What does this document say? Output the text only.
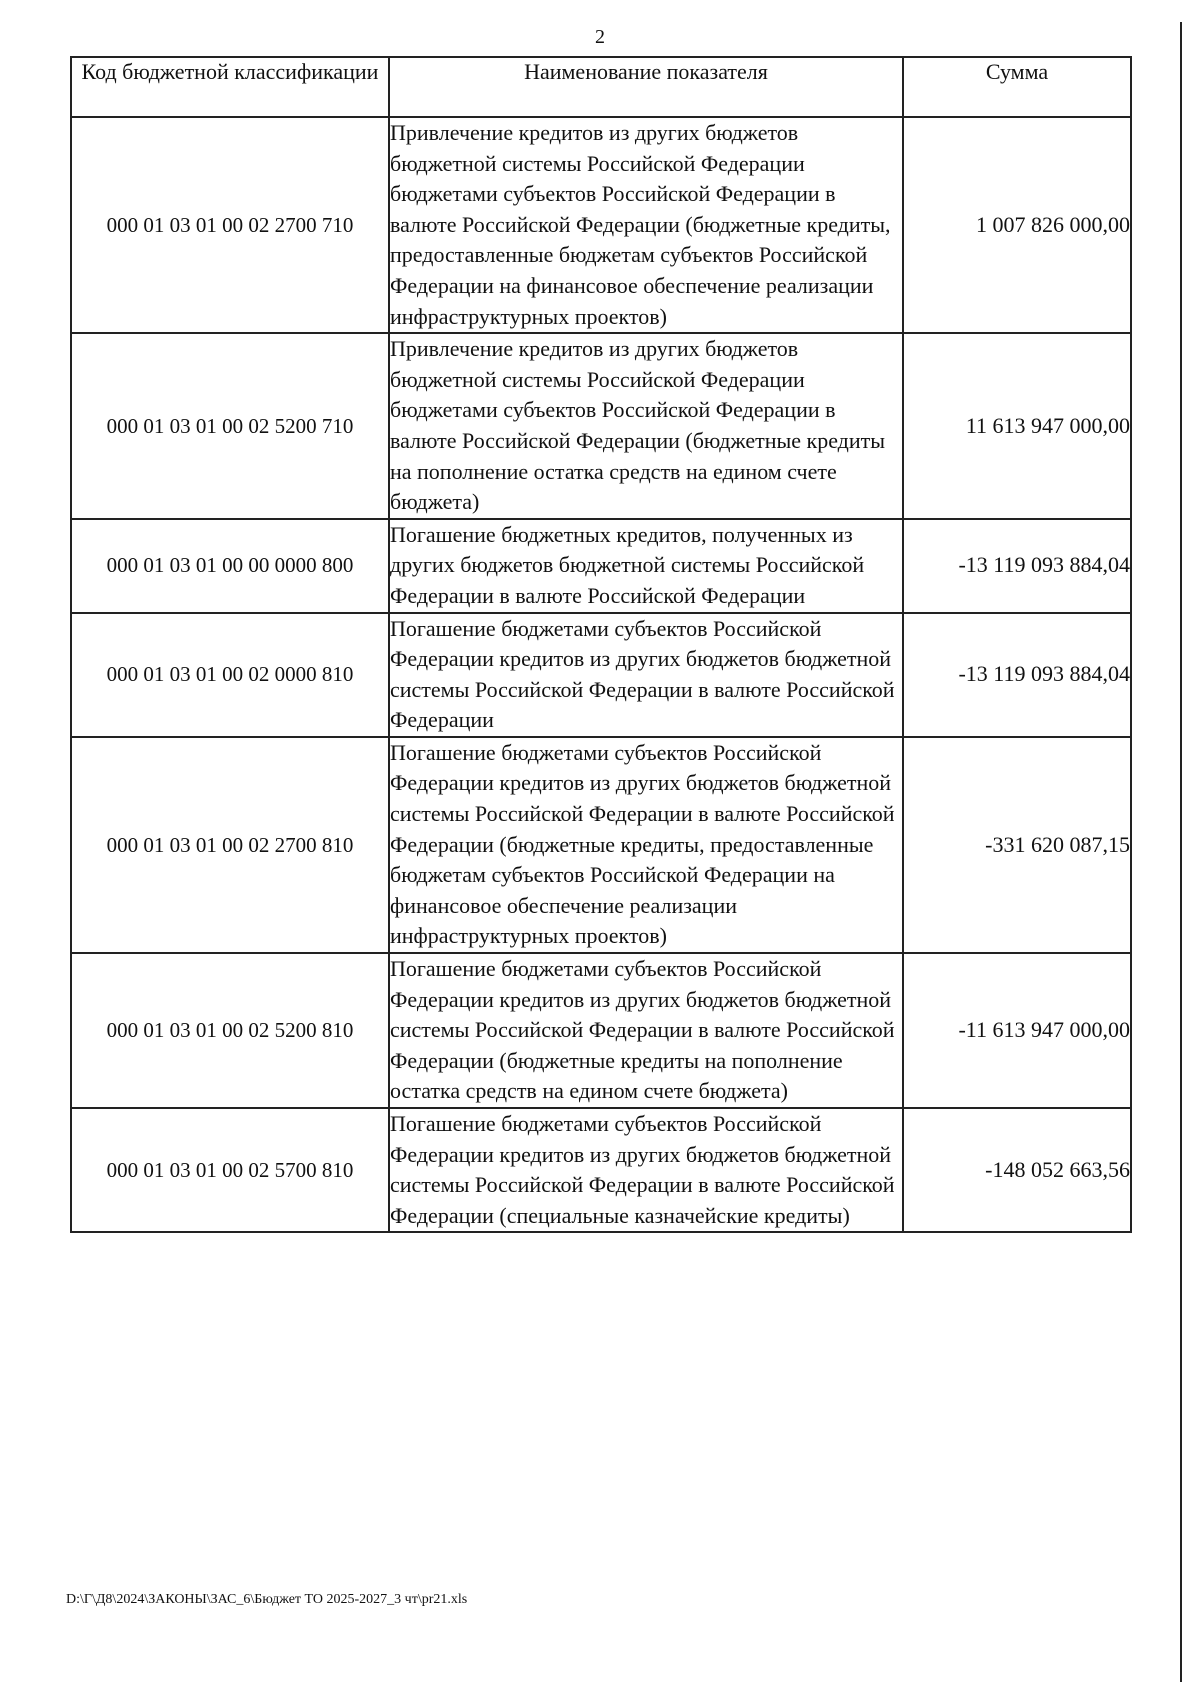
2
Код бюджетной классификации	Наименование показателя	Сумма
000 01 03 01 00 02 2700 710	Привлечение кредитов из других бюджетов бюджетной системы Российской Федерации бюджетами субъектов Российской Федерации в валюте Российской Федерации (бюджетные кредиты, предоставленные бюджетам субъектов Российской Федерации на финансовое обеспечение реализации инфраструктурных проектов)	1 007 826 000,00
000 01 03 01 00 02 5200 710	Привлечение кредитов из других бюджетов бюджетной системы Российской Федерации бюджетами субъектов Российской Федерации в валюте Российской Федерации (бюджетные кредиты на пополнение остатка средств на едином счете бюджета)	11 613 947 000,00
000 01 03 01 00 00 0000 800	Погашение бюджетных кредитов, полученных из других бюджетов бюджетной системы Российской Федерации в валюте Российской Федерации	-13 119 093 884,04
000 01 03 01 00 02 0000 810	Погашение бюджетами субъектов Российской Федерации кредитов из других бюджетов бюджетной системы Российской Федерации в валюте Российской Федерации	-13 119 093 884,04
000 01 03 01 00 02 2700 810	Погашение бюджетами субъектов Российской Федерации кредитов из других бюджетов бюджетной системы Российской Федерации в валюте Российской Федерации (бюджетные кредиты, предоставленные бюджетам субъектов Российской Федерации на финансовое обеспечение реализации инфраструктурных проектов)	-331 620 087,15
000 01 03 01 00 02 5200 810	Погашение бюджетами субъектов Российской Федерации кредитов из других бюджетов бюджетной системы Российской Федерации в валюте Российской Федерации (бюджетные кредиты на пополнение остатка средств на едином счете бюджета)	-11 613 947 000,00
000 01 03 01 00 02 5700 810	Погашение бюджетами субъектов Российской Федерации кредитов из других бюджетов бюджетной системы Российской Федерации в валюте Российской Федерации (специальные казначейские кредиты)	-148 052 663,56
D:\Г\Д8\2024\ЗАКОНЫ\ЗАС_6\Бюджет ТО 2025-2027_3 чт\pr21.xls
